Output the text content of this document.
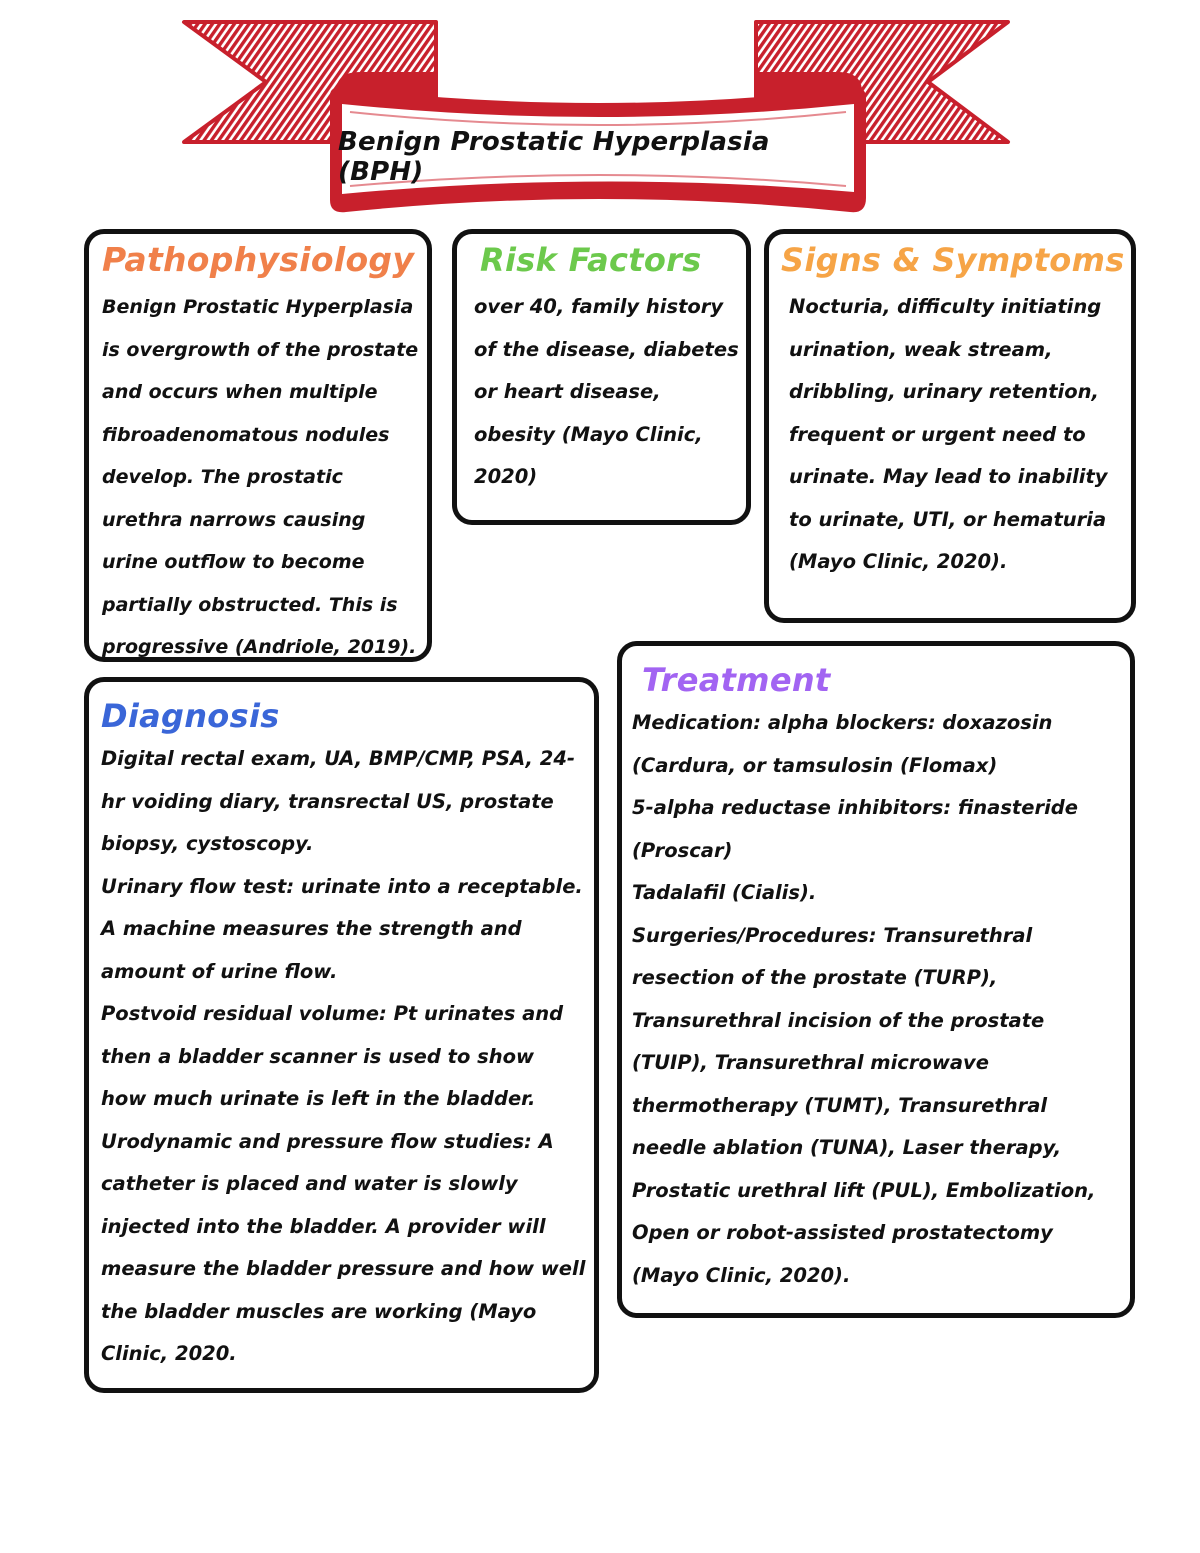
Benign Prostatic Hyperplasia (BPH)
Pathophysiology

Benign Prostatic Hyperplasia is overgrowth of the prostate and occurs when multiple fibroadenomatous nodules develop. The prostatic urethra narrows causing urine outflow to become partially obstructed. This is progressive (Andriole, 2019).

Risk Factors

over 40, family history of the disease, diabetes or heart disease, obesity (Mayo Clinic, 2020)

Signs & Symptoms

Nocturia, difficulty initiating urination, weak stream, dribbling, urinary retention, frequent or urgent need to urinate. May lead to inability to urinate, UTI, or hematuria (Mayo Clinic, 2020).

Diagnosis

Digital rectal exam, UA, BMP/CMP, PSA, 24-hr voiding diary, transrectal US, prostate biopsy, cystoscopy.

Urinary flow test: urinate into a receptable. A machine measures the strength and amount of urine flow.

Postvoid residual volume: Pt urinates and then a bladder scanner is used to show how much urinate is left in the bladder.

Urodynamic and pressure flow studies: A catheter is placed and water is slowly injected into the bladder. A provider will measure the bladder pressure and how well the bladder muscles are working (Mayo Clinic, 2020.

Treatment

Medication: alpha blockers: doxazosin (Cardura, or tamsulosin (Flomax)

5-alpha reductase inhibitors: finasteride (Proscar)

Tadalafil (Cialis).

Surgeries/Procedures: Transurethral resection of the prostate (TURP), Transurethral incision of the prostate (TUIP), Transurethral microwave thermotherapy (TUMT), Transurethral needle ablation (TUNA), Laser therapy, Prostatic urethral lift (PUL), Embolization, Open or robot-assisted prostatectomy (Mayo Clinic, 2020).
